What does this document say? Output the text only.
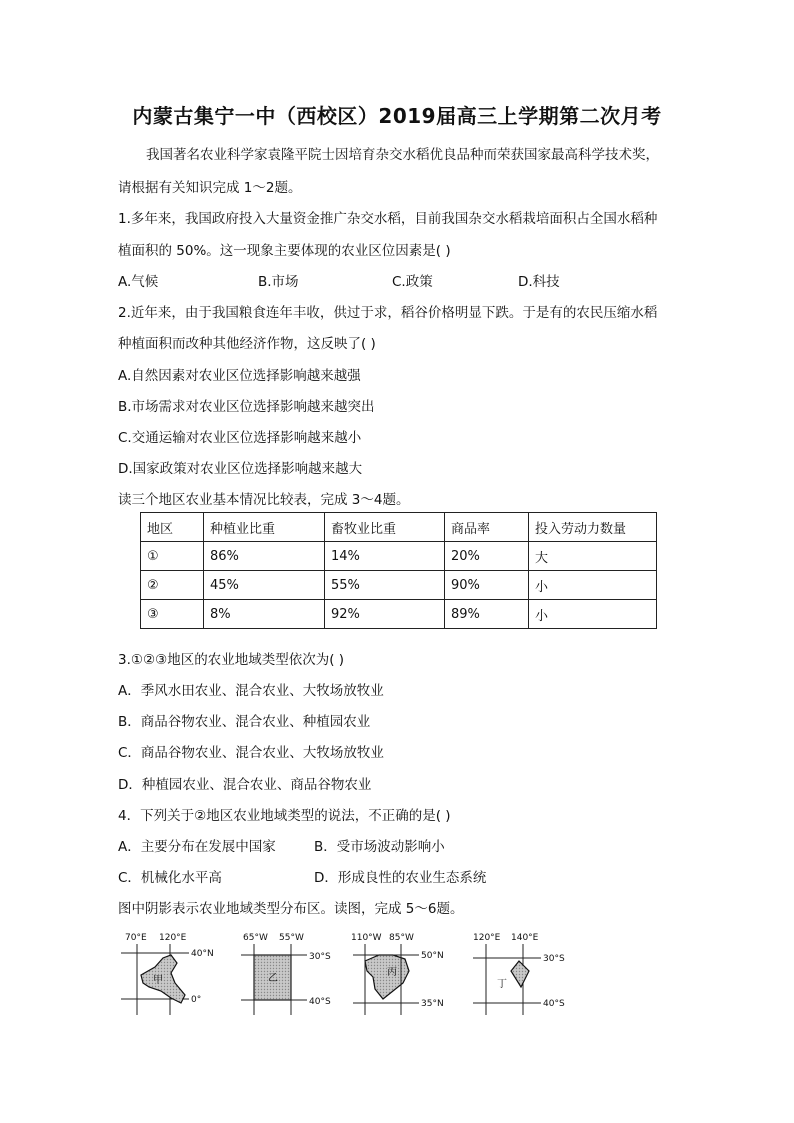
内蒙古集宁一中（西校区）2019届高三上学期第二次月考
我国著名农业科学家袁隆平院士因培育杂交水稻优良品种而荣获国家最高科学技术奖，
请根据有关知识完成 1～2题。
1.多年来，我国政府投入大量资金推广杂交水稻，目前我国杂交水稻栽培面积占全国水稻种
植面积的 50%。这一现象主要体现的农业区位因素是( )
A.气候	B.市场	C.政策	D.科技
2.近年来，由于我国粮食连年丰收，供过于求，稻谷价格明显下跌。于是有的农民压缩水稻
种植面积而改种其他经济作物，这反映了( )
A.自然因素对农业区位选择影响越来越强
B.市场需求对农业区位选择影响越来越突出
C.交通运输对农业区位选择影响越来越小
D.国家政策对农业区位选择影响越来越大
读三个地区农业基本情况比较表，完成 3～4题。
地区	种植业比重	畜牧业比重	商品率	投入劳动力数量
①	86%	14%	20%	大
②	45%	55%	90%	小
③	8%	92%	89%	小
3.①②③地区的农业地域类型依次为( )
A．季风水田农业、混合农业、大牧场放牧业
B．商品谷物农业、混合农业、种植园农业
C．商品谷物农业、混合农业、大牧场放牧业
D．种植园农业、混合农业、商品谷物农业
4．下列关于②地区农业地域类型的说法，不正确的是( )
A．主要分布在发展中国家	B．受市场波动影响小
C．机械化水平高	D．形成良性的农业生态系统
图中阴影表示农业地域类型分布区。读图，完成 5～6题。
70°E 120°E
40°N
0°
甲
65°W 55°W
30°S
40°S
乙
110°W 85°W
50°N
35°N
丙
120°E 140°E
30°S
40°S
丁
